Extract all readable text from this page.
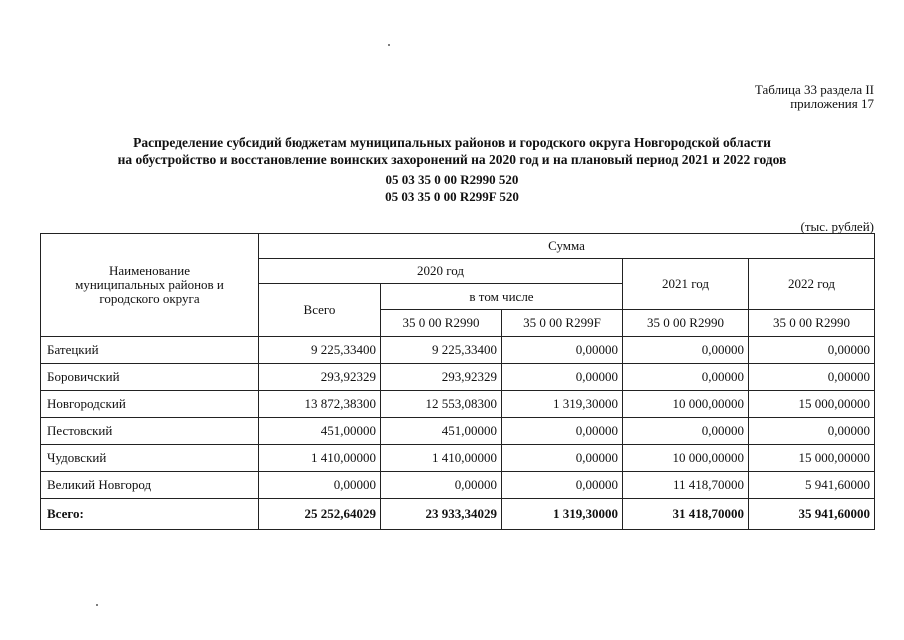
Таблица 33 раздела II
приложения 17
Распределение субсидий бюджетам муниципальных районов и городского округа Новгородской области
на обустройство и восстановление воинских захоронений на 2020 год и на плановый период 2021 и 2022 годов
05 03 35 0 00 R2990 520
05 03 35 0 00 R299F 520
(тыс. рублей)
Наименование муниципальных районов и городского округа	Сумма				
	2020 год			2021 год	2022 год
	Всего	в том числе			
		35 0 00 R2990	35 0 00 R299F	35 0 00 R2990	35 0 00 R2990
Батецкий	9 225,33400	9 225,33400	0,00000	0,00000	0,00000
Боровичский	293,92329	293,92329	0,00000	0,00000	0,00000
Новгородский	13 872,38300	12 553,08300	1 319,30000	10 000,00000	15 000,00000
Пестовский	451,00000	451,00000	0,00000	0,00000	0,00000
Чудовский	1 410,00000	1 410,00000	0,00000	10 000,00000	15 000,00000
Великий Новгород	0,00000	0,00000	0,00000	11 418,70000	5 941,60000
Всего:	25 252,64029	23 933,34029	1 319,30000	31 418,70000	35 941,60000
